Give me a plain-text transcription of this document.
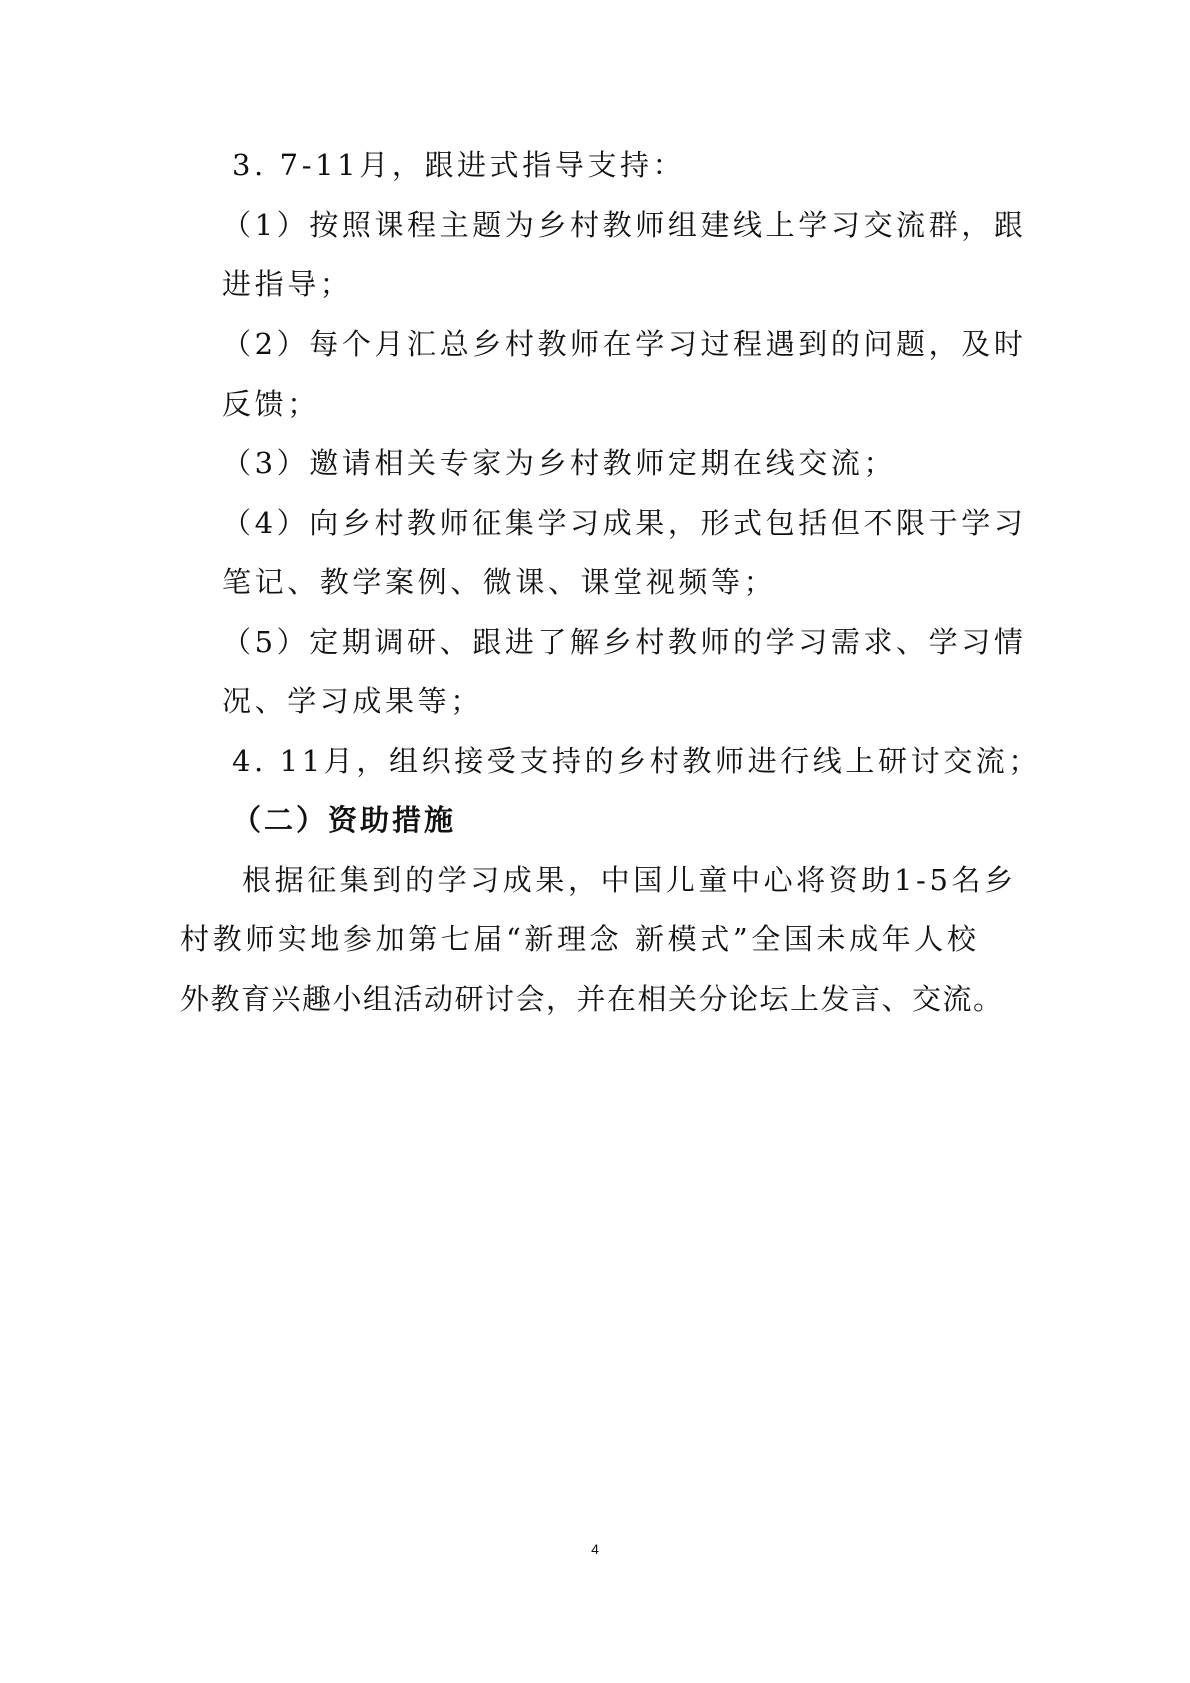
3. 7-11月，跟进式指导支持：
（1）按照课程主题为乡村教师组建线上学习交流群，跟
进指导；
（2）每个月汇总乡村教师在学习过程遇到的问题，及时
反馈；
（3）邀请相关专家为乡村教师定期在线交流；
（4）向乡村教师征集学习成果，形式包括但不限于学习
笔记、教学案例、微课、课堂视频等；
（5）定期调研、跟进了解乡村教师的学习需求、学习情
况、学习成果等；
4. 11月，组织接受支持的乡村教师进行线上研讨交流；
（二）资助措施
根据征集到的学习成果，中国儿童中心将资助1-5名乡
村教师实地参加第七届“新理念 新模式”全国未成年人校
外教育兴趣小组活动研讨会，并在相关分论坛上发言、交流。
4
